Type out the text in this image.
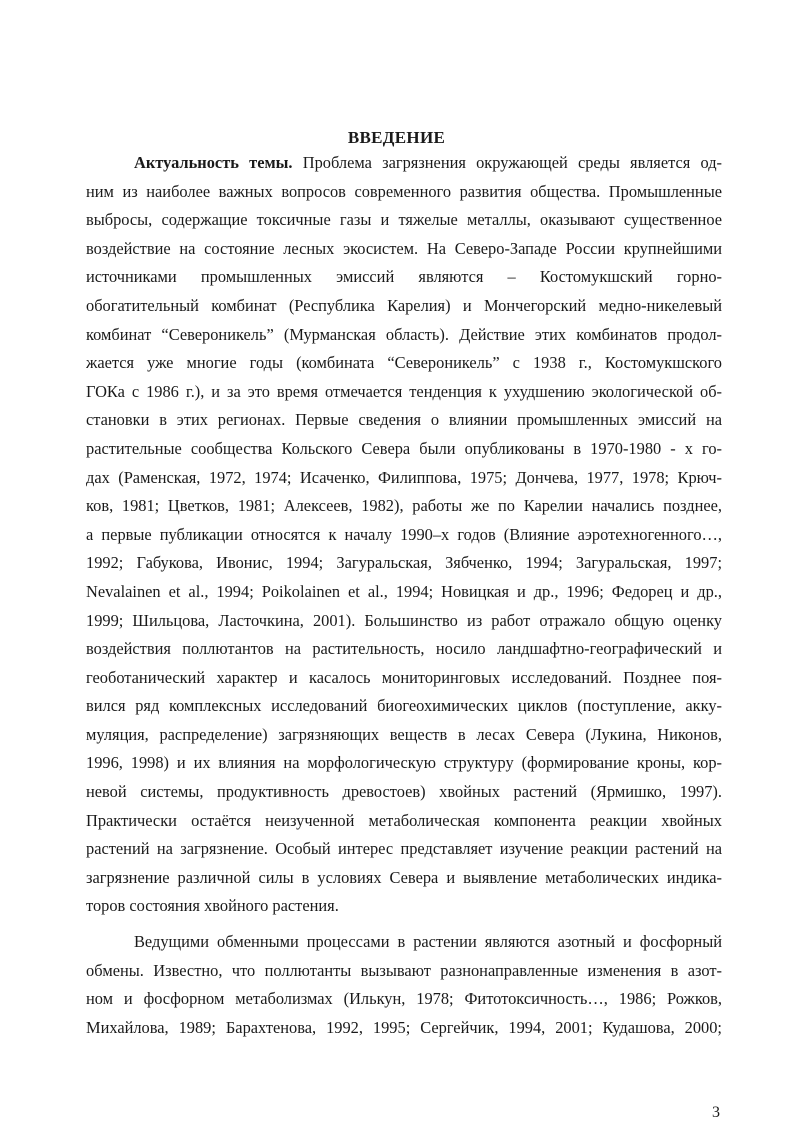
ВВЕДЕНИЕ
Актуальность темы. Проблема загрязнения окружающей среды является од-
ним из наиболее важных вопросов современного развития общества. Промышленные
выбросы, содержащие токсичные газы и тяжелые металлы, оказывают существенное
воздействие на состояние лесных экосистем. На Северо-Западе России крупнейшими
источниками промышленных эмиссий являются – Костомукшский горно-
обогатительный комбинат (Республика Карелия) и Мончегорский медно-никелевый
комбинат “Североникель” (Мурманская область). Действие этих комбинатов продол-
жается уже многие годы (комбината “Североникель” с 1938 г., Костомукшского
ГОКа с 1986 г.), и за это время отмечается тенденция к ухудшению экологической об-
становки в этих регионах. Первые сведения о влиянии промышленных эмиссий на
растительные сообщества Кольского Севера были опубликованы в 1970-1980 - х го-
дах (Раменская, 1972, 1974; Исаченко, Филиппова, 1975; Дончева, 1977, 1978; Крюч-
ков, 1981; Цветков, 1981; Алексеев, 1982), работы же по Карелии начались позднее,
а первые публикации относятся к началу 1990–х годов (Влияние аэротехногенного…,
1992; Габукова, Ивонис, 1994; Загуральская, Зябченко, 1994; Загуральская, 1997;
Nevalainen et al., 1994; Poikolainen et al., 1994; Новицкая и др., 1996; Федорец и др.,
1999; Шильцова, Ласточкина, 2001). Большинство из работ отражало общую оценку
воздействия поллютантов на растительность, носило ландшафтно-географический и
геоботанический характер и касалось мониторинговых исследований. Позднее поя-
вился ряд комплексных исследований биогеохимических циклов (поступление, акку-
муляция, распределение) загрязняющих веществ в лесах Севера (Лукина, Никонов,
1996, 1998) и их влияния на морфологическую структуру (формирование кроны, кор-
невой системы, продуктивность древостоев) хвойных растений (Ярмишко, 1997).
Практически остаётся неизученной метаболическая компонента реакции хвойных
растений на загрязнение. Особый интерес представляет изучение реакции растений на
загрязнение различной силы в условиях Севера и выявление метаболических индика-
торов состояния хвойного растения.
Ведущими обменными процессами в растении являются азотный и фосфорный
обмены. Известно, что поллютанты вызывают разнонаправленные изменения в азот-
ном и фосфорном метаболизмах (Илькун, 1978; Фитотоксичность…, 1986; Рожков,
Михайлова, 1989; Барахтенова, 1992, 1995; Сергейчик, 1994, 2001; Кудашова, 2000;
3
